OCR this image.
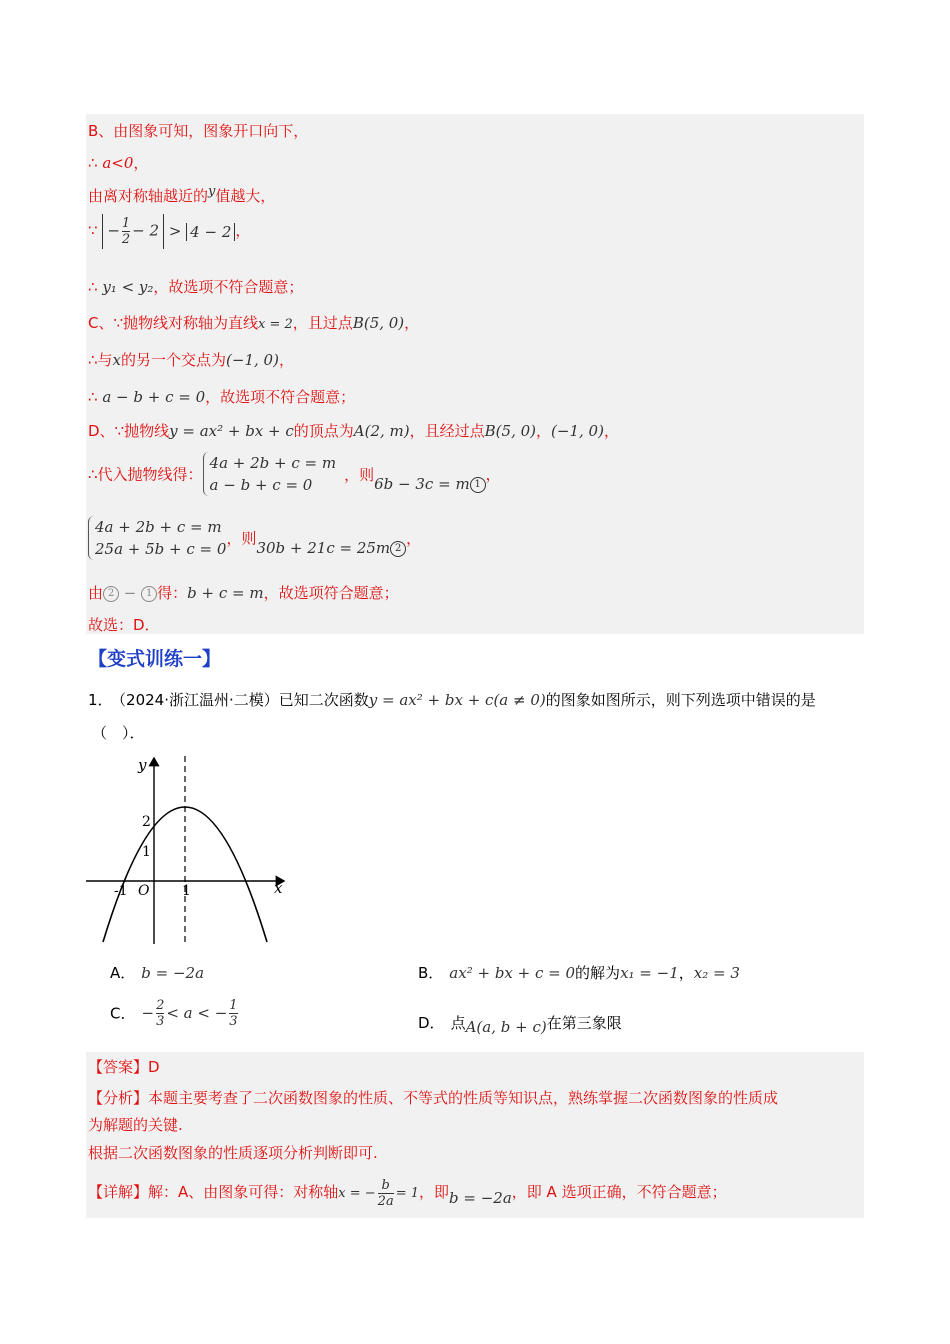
B、由图象可知，图象开口向下，
∴ a<0，
由离对称轴越近的y值越大，
∵ − $\frac{1}{2} - 2 > 4 - 2$ ，
∴ y₁ < y₂，故选项不符合题意；
C、∵抛物线对称轴为直线x = 2，且过点B(5, 0)，
∴与x的另一个交点为(−1, 0)，
∴ a − b + c = 0，故选项不符合题意；
D、∵抛物线y = ax² + bx + c的顶点为A(2, m)，且经过点B(5, 0)，(−1, 0)，
∴代入抛物线得：
4a + 2b + c = m
a − b + c = 0
，则6b − 3c = m 1，
4a + 2b + c = m
25a + 5b + c = 0
，则30b + 21c = 25m 2，
由 2 − 1 得：b + c = m，故选项符合题意；
故选：D．
【变式训练一】
1． （2024·浙江温州·二模）已知二次函数y = ax² + bx + c(a ≠ 0)的图象如图所示，则下列选项中错误的是
（　）．
y
x
O
2
1
-1	1
A． b = −2a	B． ax² + bx + c = 0的解为x₁ = −1，x₂ = 3
C． − $\frac{2}{3} < a$ < − $\frac{1}{3}$	D． 点A(a, b + c)在第三象限
【答案】D
【分析】本题主要考查了二次函数图象的性质、不等式的性质等知识点，熟练掌握二次函数图象的性质成
为解题的关键.
根据二次函数图象的性质逐项分析判断即可.
【详解】解：A、由图象可得：对称轴x = − $\frac{b}{2a} = 1$，即b = −2a，即 A 选项正确，不符合题意；
